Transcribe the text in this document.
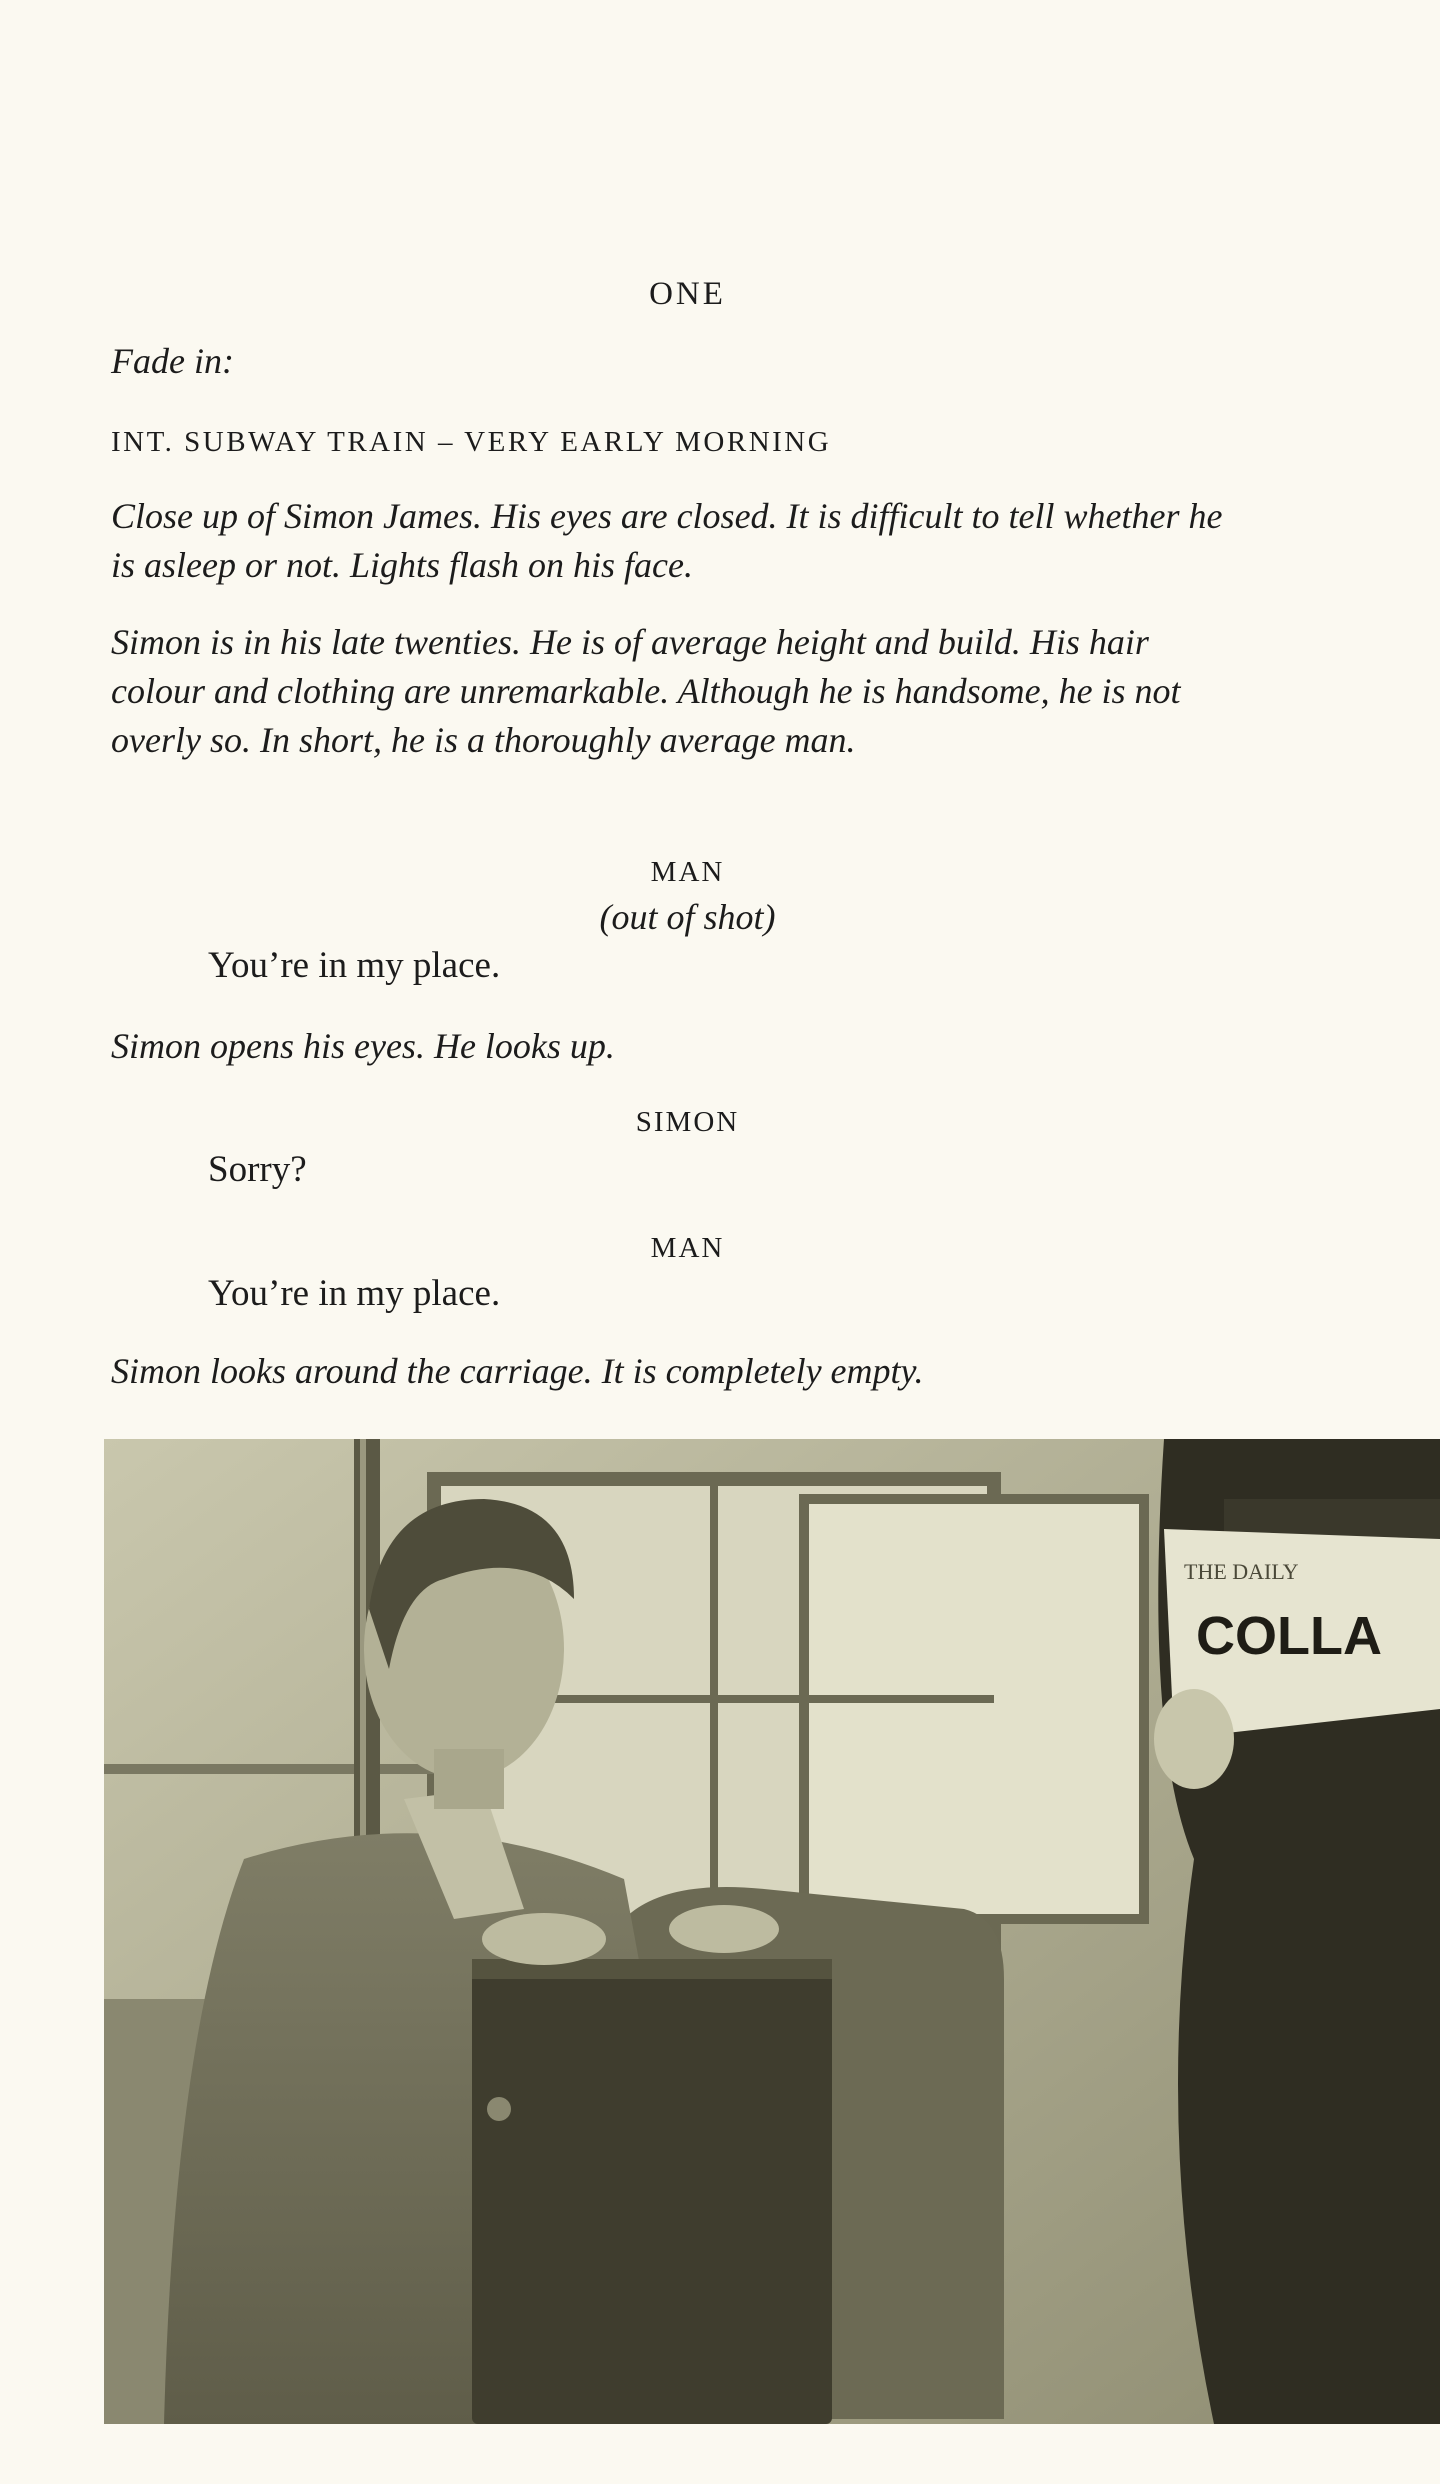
ONE
Fade in:
INT. SUBWAY TRAIN – VERY EARLY MORNING
Close up of Simon James. His eyes are closed. It is difficult to tell whether he is asleep or not. Lights flash on his face.
Simon is in his late twenties. He is of average height and build. His hair colour and clothing are unremarkable. Although he is handsome, he is not overly so. In short, he is a thoroughly average man.
MAN
(out of shot)
You’re in my place.
Simon opens his eyes. He looks up.
SIMON
Sorry?
MAN
You’re in my place.
Simon looks around the carriage. It is completely empty.
THE DAILY
COLLA
